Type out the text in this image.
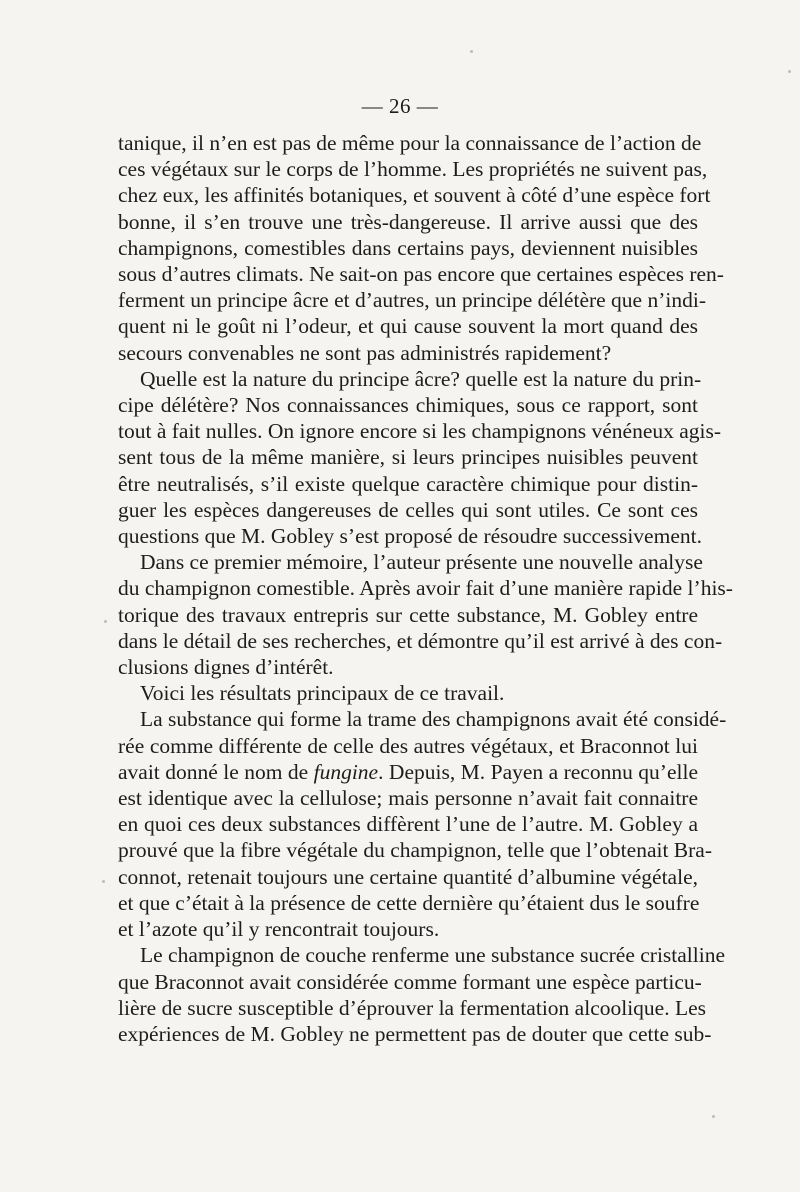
— 26 —

tanique, il n’en est pas de même pour la connaissance de l’action de
ces végétaux sur le corps de l’homme. Les propriétés ne suivent pas,
chez eux, les affinités botaniques, et souvent à côté d’une espèce fort
bonne, il s’en trouve une très-dangereuse. Il arrive aussi que des
champignons, comestibles dans certains pays, deviennent nuisibles
sous d’autres climats. Ne sait-on pas encore que certaines espèces ren-
ferment un principe âcre et d’autres, un principe délétère que n’indi-
quent ni le goût ni l’odeur, et qui cause souvent la mort quand des
secours convenables ne sont pas administrés rapidement?

Quelle est la nature du principe âcre? quelle est la nature du prin-
cipe délétère? Nos connaissances chimiques, sous ce rapport, sont
tout à fait nulles. On ignore encore si les champignons vénéneux agis-
sent tous de la même manière, si leurs principes nuisibles peuvent
être neutralisés, s’il existe quelque caractère chimique pour distin-
guer les espèces dangereuses de celles qui sont utiles. Ce sont ces
questions que M. Gobley s’est proposé de résoudre successivement.

Dans ce premier mémoire, l’auteur présente une nouvelle analyse
du champignon comestible. Après avoir fait d’une manière rapide l’his-
torique des travaux entrepris sur cette substance, M. Gobley entre
dans le détail de ses recherches, et démontre qu’il est arrivé à des con-
clusions dignes d’intérêt.

Voici les résultats principaux de ce travail.

La substance qui forme la trame des champignons avait été considé-
rée comme différente de celle des autres végétaux, et Braconnot lui
avait donné le nom de fungine. Depuis, M. Payen a reconnu qu’elle
est identique avec la cellulose; mais personne n’avait fait connaitre
en quoi ces deux substances diffèrent l’une de l’autre. M. Gobley a
prouvé que la fibre végétale du champignon, telle que l’obtenait Bra-
connot, retenait toujours une certaine quantité d’albumine végétale,
et que c’était à la présence de cette dernière qu’étaient dus le soufre
et l’azote qu’il y rencontrait toujours.

Le champignon de couche renferme une substance sucrée cristalline
que Braconnot avait considérée comme formant une espèce particu-
lière de sucre susceptible d’éprouver la fermentation alcoolique. Les
expériences de M. Gobley ne permettent pas de douter que cette sub-
